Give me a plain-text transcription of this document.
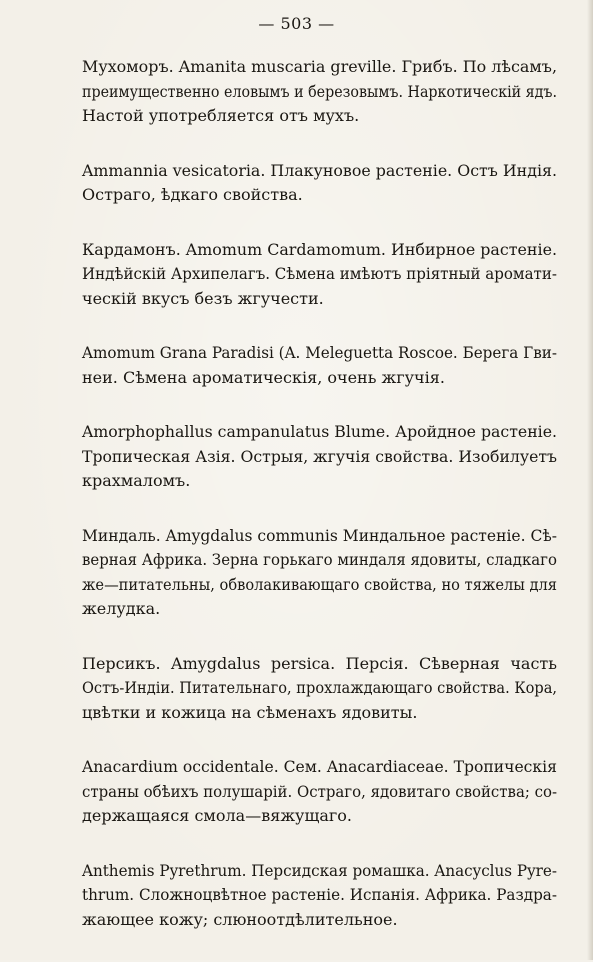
— 503 —

Мухоморъ. Amanita muscaria greville. Грибъ. По лѣсамъ,
преимущественно еловымъ и березовымъ. Наркотическій ядъ.
Настой употребляется отъ мухъ.

Ammannia vesicatoria. Плакуновое растеніе. Остъ Индія.
Остраго, ѣдкаго свойства.

Кардамонъ. Amomum Cardamomum. Инбирное растеніе.
Индѣйскій Архипелагъ. Сѣмена имѣютъ пріятный аромати-
ческій вкусъ безъ жгучести.

Amomum Grana Paradisi (A. Meleguetta Roscoe. Берега Гви-
неи. Сѣмена ароматическія, очень жгучія.

Amorphophallus campanulatus Blume. Аройдное растеніе.
Тропическая Азія. Острыя, жгучія свойства. Изобилуетъ
крахмаломъ.

Миндаль. Amygdalus communis Миндальное растеніе. Сѣ-
верная Африка. Зерна горькаго миндаля ядовиты, сладкаго
же—питательны, обволакивающаго свойства, но тяжелы для
желудка.

Персикъ. Amygdalus persica. Персія. Сѣверная часть
Остъ-Индіи. Питательнаго, прохлаждающаго свойства. Кора,
цвѣтки и кожица на сѣменахъ ядовиты.

Anacardium occidentale. Сем. Anacardiaceae. Тропическія
страны обѣихъ полушарій. Остраго, ядовитаго свойства; со-
держащаяся смола—вяжущаго.

Anthemis Pyrethrum. Персидская ромашка. Anacyclus Pyre-
thrum. Сложноцвѣтное растеніе. Испанія. Африка. Раздра-
жающее кожу; слюноотдѣлительное.
